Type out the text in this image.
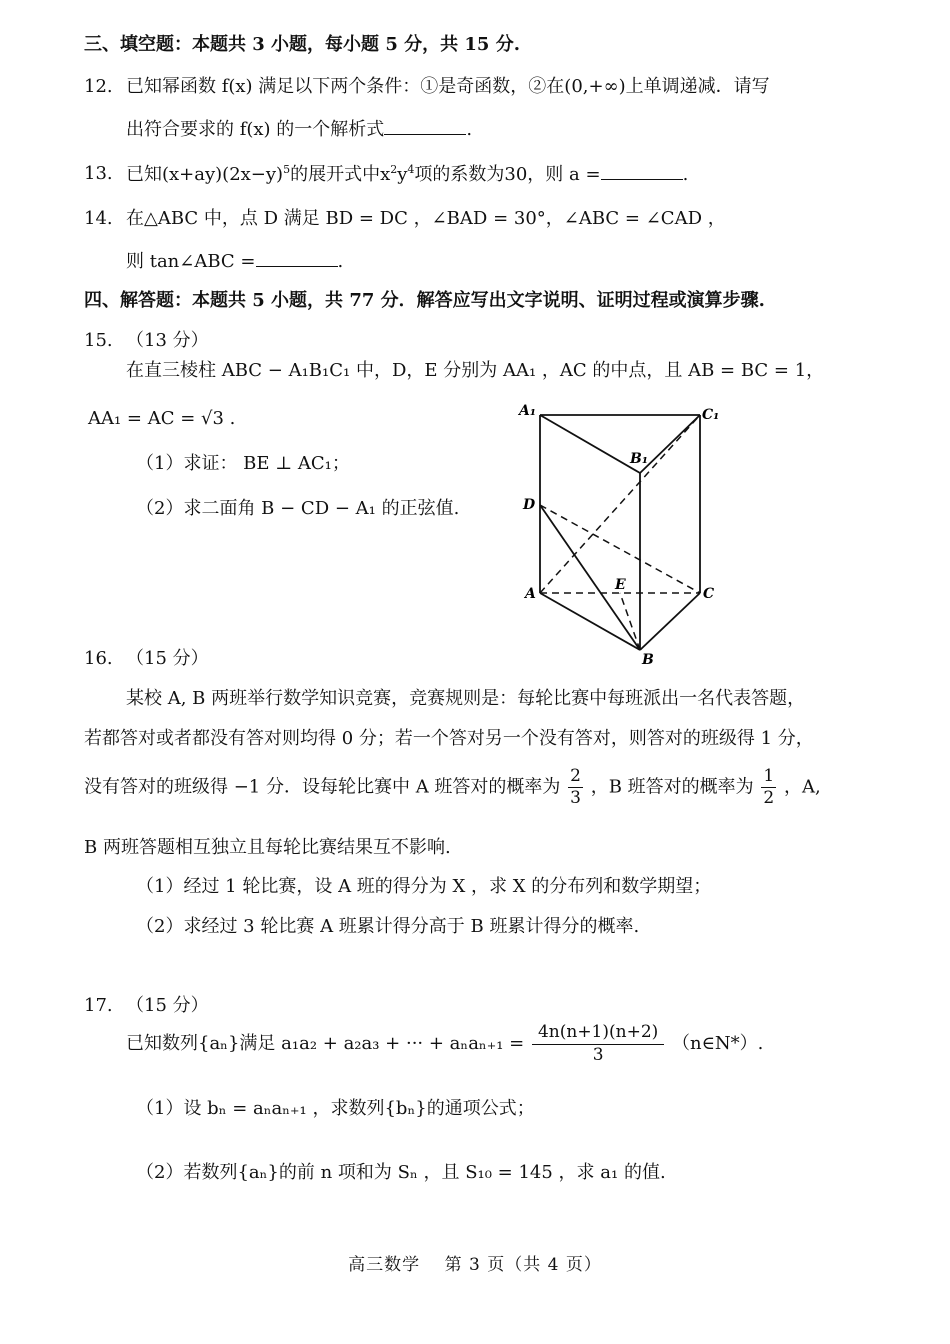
三、填空题：本题共 3 小题，每小题 5 分，共 15 分.
12. 已知幂函数 f(x) 满足以下两个条件：①是奇函数，②在(0,+∞)上单调递减．请写
出符合要求的 f(x) 的一个解析式	.
13. 已知$(x+ay)(2x-y)^5$的展开式中$x^2y^4$项的系数为30，则 a =	.
14. 在△ABC 中，点 D 满足 BD = DC ，∠BAD = 30°，∠ABC = ∠CAD ，
则 tan∠ABC =	.
四、解答题：本题共 5 小题，共 77 分．解答应写出文字说明、证明过程或演算步骤.
15. （13 分）
在直三棱柱 ABC − A₁B₁C₁ 中，D，E 分别为 AA₁ ，AC 的中点，且 AB = BC = 1，
AA₁ = AC = √3 .
（1）求证： BE ⊥ AC₁；
（2）求二面角 B − CD − A₁ 的正弦值.
A₁	C₁
B₁
D
A
E
C
B
16. （15 分）
某校 A, B 两班举行数学知识竞赛，竞赛规则是：每轮比赛中每班派出一名代表答题，
若都答对或者都没有答对则均得 0 分；若一个答对另一个没有答对，则答对的班级得 1 分，
没有答对的班级得 −1 分．设每轮比赛中 A 班答对的概率为 $\frac{2}{3}$ ，B 班答对的概率为 $\frac{1}{2}$ ，A,
B 两班答题相互独立且每轮比赛结果互不影响.
（1）经过 1 轮比赛，设 A 班的得分为 X ，求 X 的分布列和数学期望；
（2）求经过 3 轮比赛 A 班累计得分高于 B 班累计得分的概率.
17. （15 分）
已知数列{aₙ}满足 a₁a₂ + a₂a₃ + ··· + $a_na_{n+1} = \frac{4n(n+1)(n+2)}{3}$ （n∈N*）.
（1）设 bₙ = aₙaₙ₊₁ ，求数列{bₙ}的通项公式；
（2）若数列{aₙ}的前 n 项和为 Sₙ ，且 S₁₀ = 145 ，求 a₁ 的值.
高三数学　 第 3 页（共 4 页）
